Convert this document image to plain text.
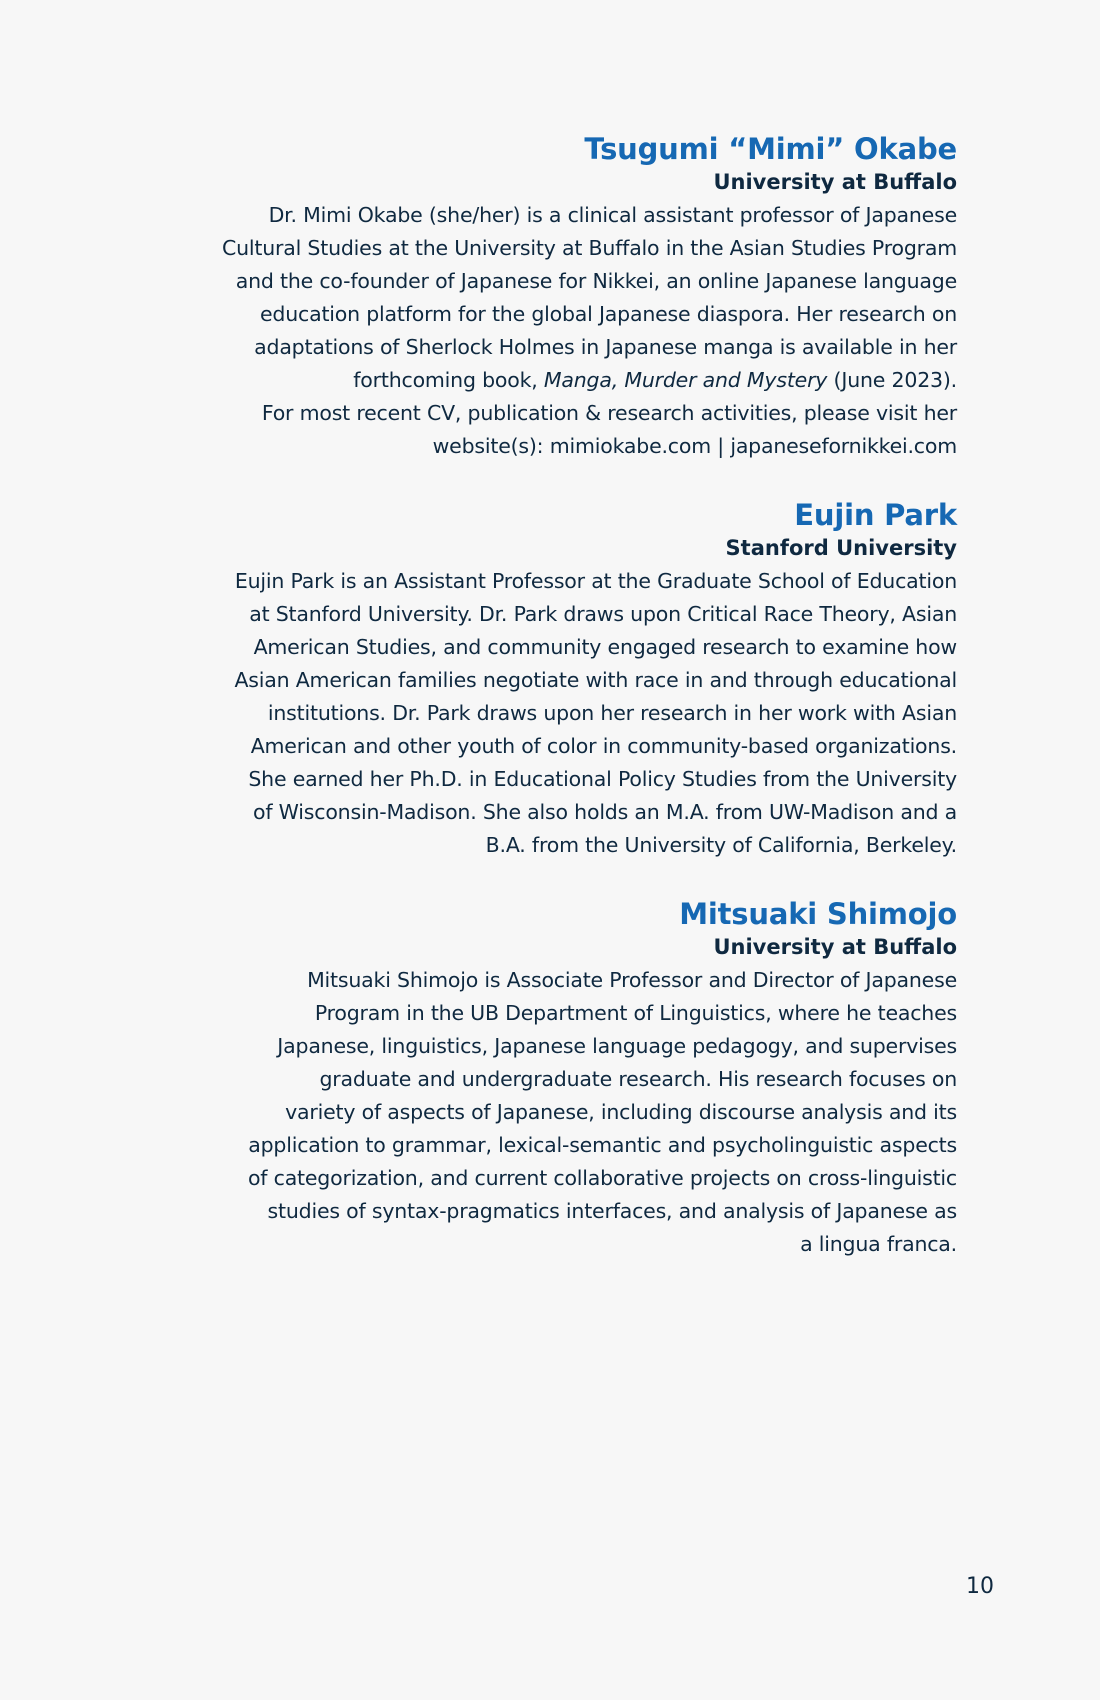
Tsugumi “Mimi” Okabe
University at Buffalo

Dr. Mimi Okabe (she/her) is a clinical assistant professor of Japanese
Cultural Studies at the University at Buffalo in the Asian Studies Program
and the co-founder of Japanese for Nikkei, an online Japanese language
education platform for the global Japanese diaspora. Her research on
adaptations of Sherlock Holmes in Japanese manga is available in her
forthcoming book, Manga, Murder and Mystery (June 2023).
For most recent CV, publication & research activities, please visit her
website(s): mimiokabe.com | japanesefornikkei.com

Eujin Park
Stanford University

Eujin Park is an Assistant Professor at the Graduate School of Education
at Stanford University. Dr. Park draws upon Critical Race Theory, Asian
American Studies, and community engaged research to examine how
Asian American families negotiate with race in and through educational
institutions. Dr. Park draws upon her research in her work with Asian
American and other youth of color in community-based organizations.
She earned her Ph.D. in Educational Policy Studies from the University
of Wisconsin-Madison. She also holds an M.A. from UW-Madison and a
B.A. from the University of California, Berkeley.

Mitsuaki Shimojo
University at Buffalo

Mitsuaki Shimojo is Associate Professor and Director of Japanese
Program in the UB Department of Linguistics, where he teaches
Japanese, linguistics, Japanese language pedagogy, and supervises
graduate and undergraduate research. His research focuses on
variety of aspects of Japanese, including discourse analysis and its
application to grammar, lexical-semantic and psycholinguistic aspects
of categorization, and current collaborative projects on cross-linguistic
studies of syntax-pragmatics interfaces, and analysis of Japanese as
a lingua franca.

10
